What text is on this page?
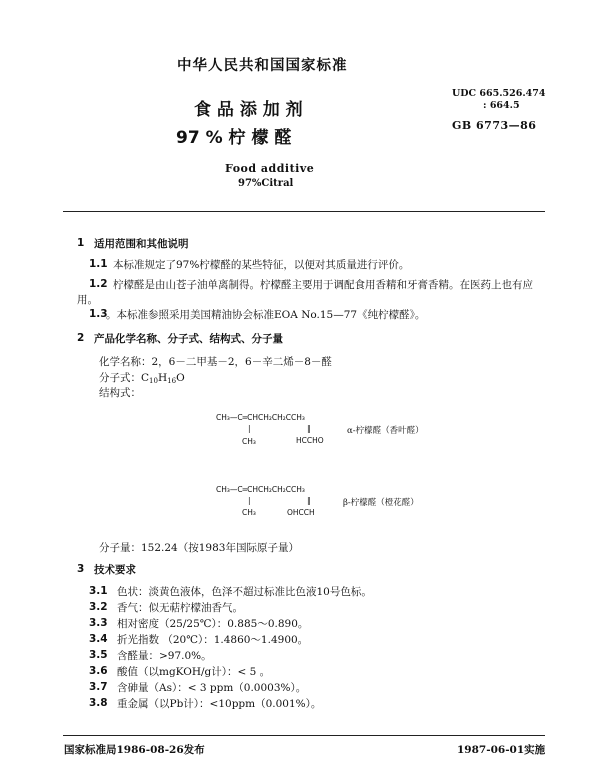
中华人民共和国国家标准
食 品 添 加 剂
97 % 柠 檬 醛
Food additive
97%Citral
UDC 665.526.474
: 664.5
GB 6773—86
1 适用范围和其他说明
1.1 本标准规定了97%柠檬醛的某些特征，以便对其质量进行评价。
1.2 柠檬醛是由山苍子油单离制得。柠檬醛主要用于调配食用香精和牙膏香精。在医药上也有应
用。
1.3
。本标准参照采用美国精油协会标准EOA No.15—77《纯柠檬醛》。
2 产品化学名称、分子式、结构式、分子量
化学名称：2，6－二甲基－2，6－辛二烯－8－醛
分子式：$C_{10}H_{16}O$
结构式：
CH₃—C═CHCH₂CH₂CCH₃
|	‖
CH₃	HCCHO
α-柠檬醛（香叶醛）
CH₃—C═CHCH₂CH₂CCH₃
|	‖
CH₃	OHCCH
β-柠檬醛（橙花醛）
分子量：152.24（按1983年国际原子量）
3 技术要求
3.1 色状：淡黄色液体，色泽不超过标准比色液10号色标。
3.2 香气：似无萜柠檬油香气。
3.3 相对密度（25/25℃）：0.885～0.890。
3.4 折光指数 （20℃）：1.4860～1.4900。
3.5 含醛量：>97.0%。
3.6 酸值（以mgKOH/g计）：< 5 。
3.7 含砷量（As）：< 3 ppm（0.0003%）。
3.8 重金属（以Pb计）：<10ppm（0.001%）。
国家标准局1986-08-26发布	1987-06-01实施
